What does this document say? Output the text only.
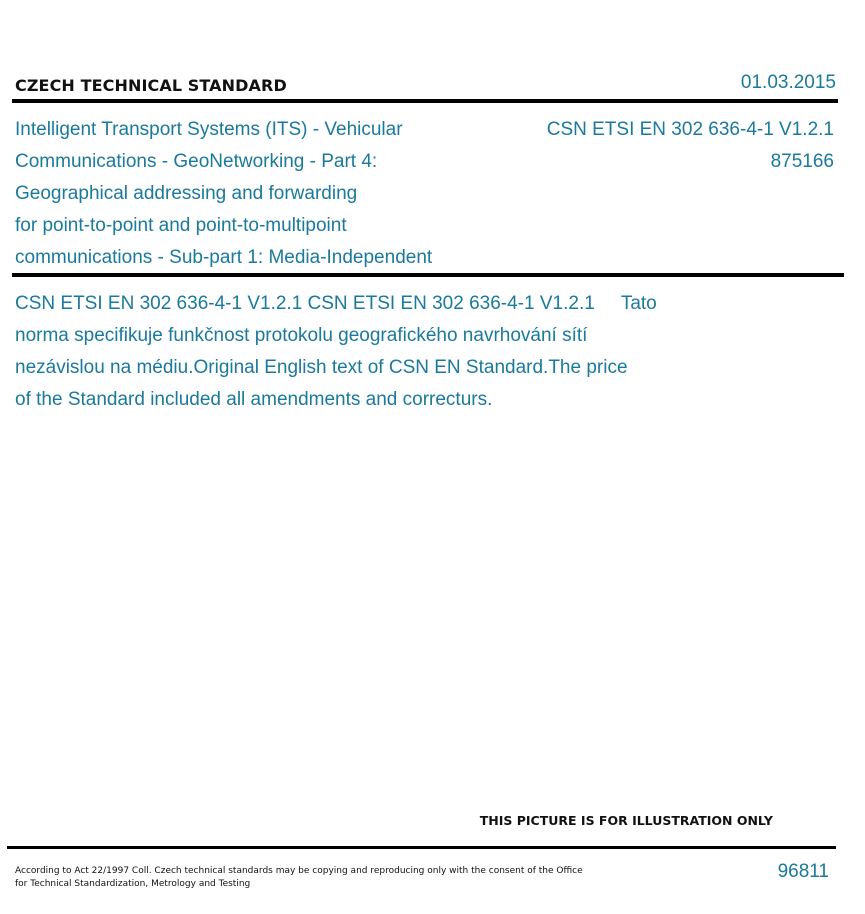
CZECH TECHNICAL STANDARD	01.03.2015
Intelligent Transport Systems (ITS) - Vehicular
Communications - GeoNetworking - Part 4:
Geographical addressing and forwarding
for point-to-point and point-to-multipoint
communications - Sub-part 1: Media-Independent
CSN ETSI EN 302 636-4-1 V1.2.1
875166
CSN ETSI EN 302 636-4-1 V1.2.1 CSN ETSI EN 302 636-4-1 V1.2.1     Tato
norma specifikuje funkčnost protokolu geografického navrhování sítí
nezávislou na médiu.Original English text of CSN EN Standard.The price
of the Standard included all amendments and correcturs.
THIS PICTURE IS FOR ILLUSTRATION ONLY
According to Act 22/1997 Coll. Czech technical standards may be copying and reproducing only with the consent of the Office
for Technical Standardization, Metrology and Testing
96811
